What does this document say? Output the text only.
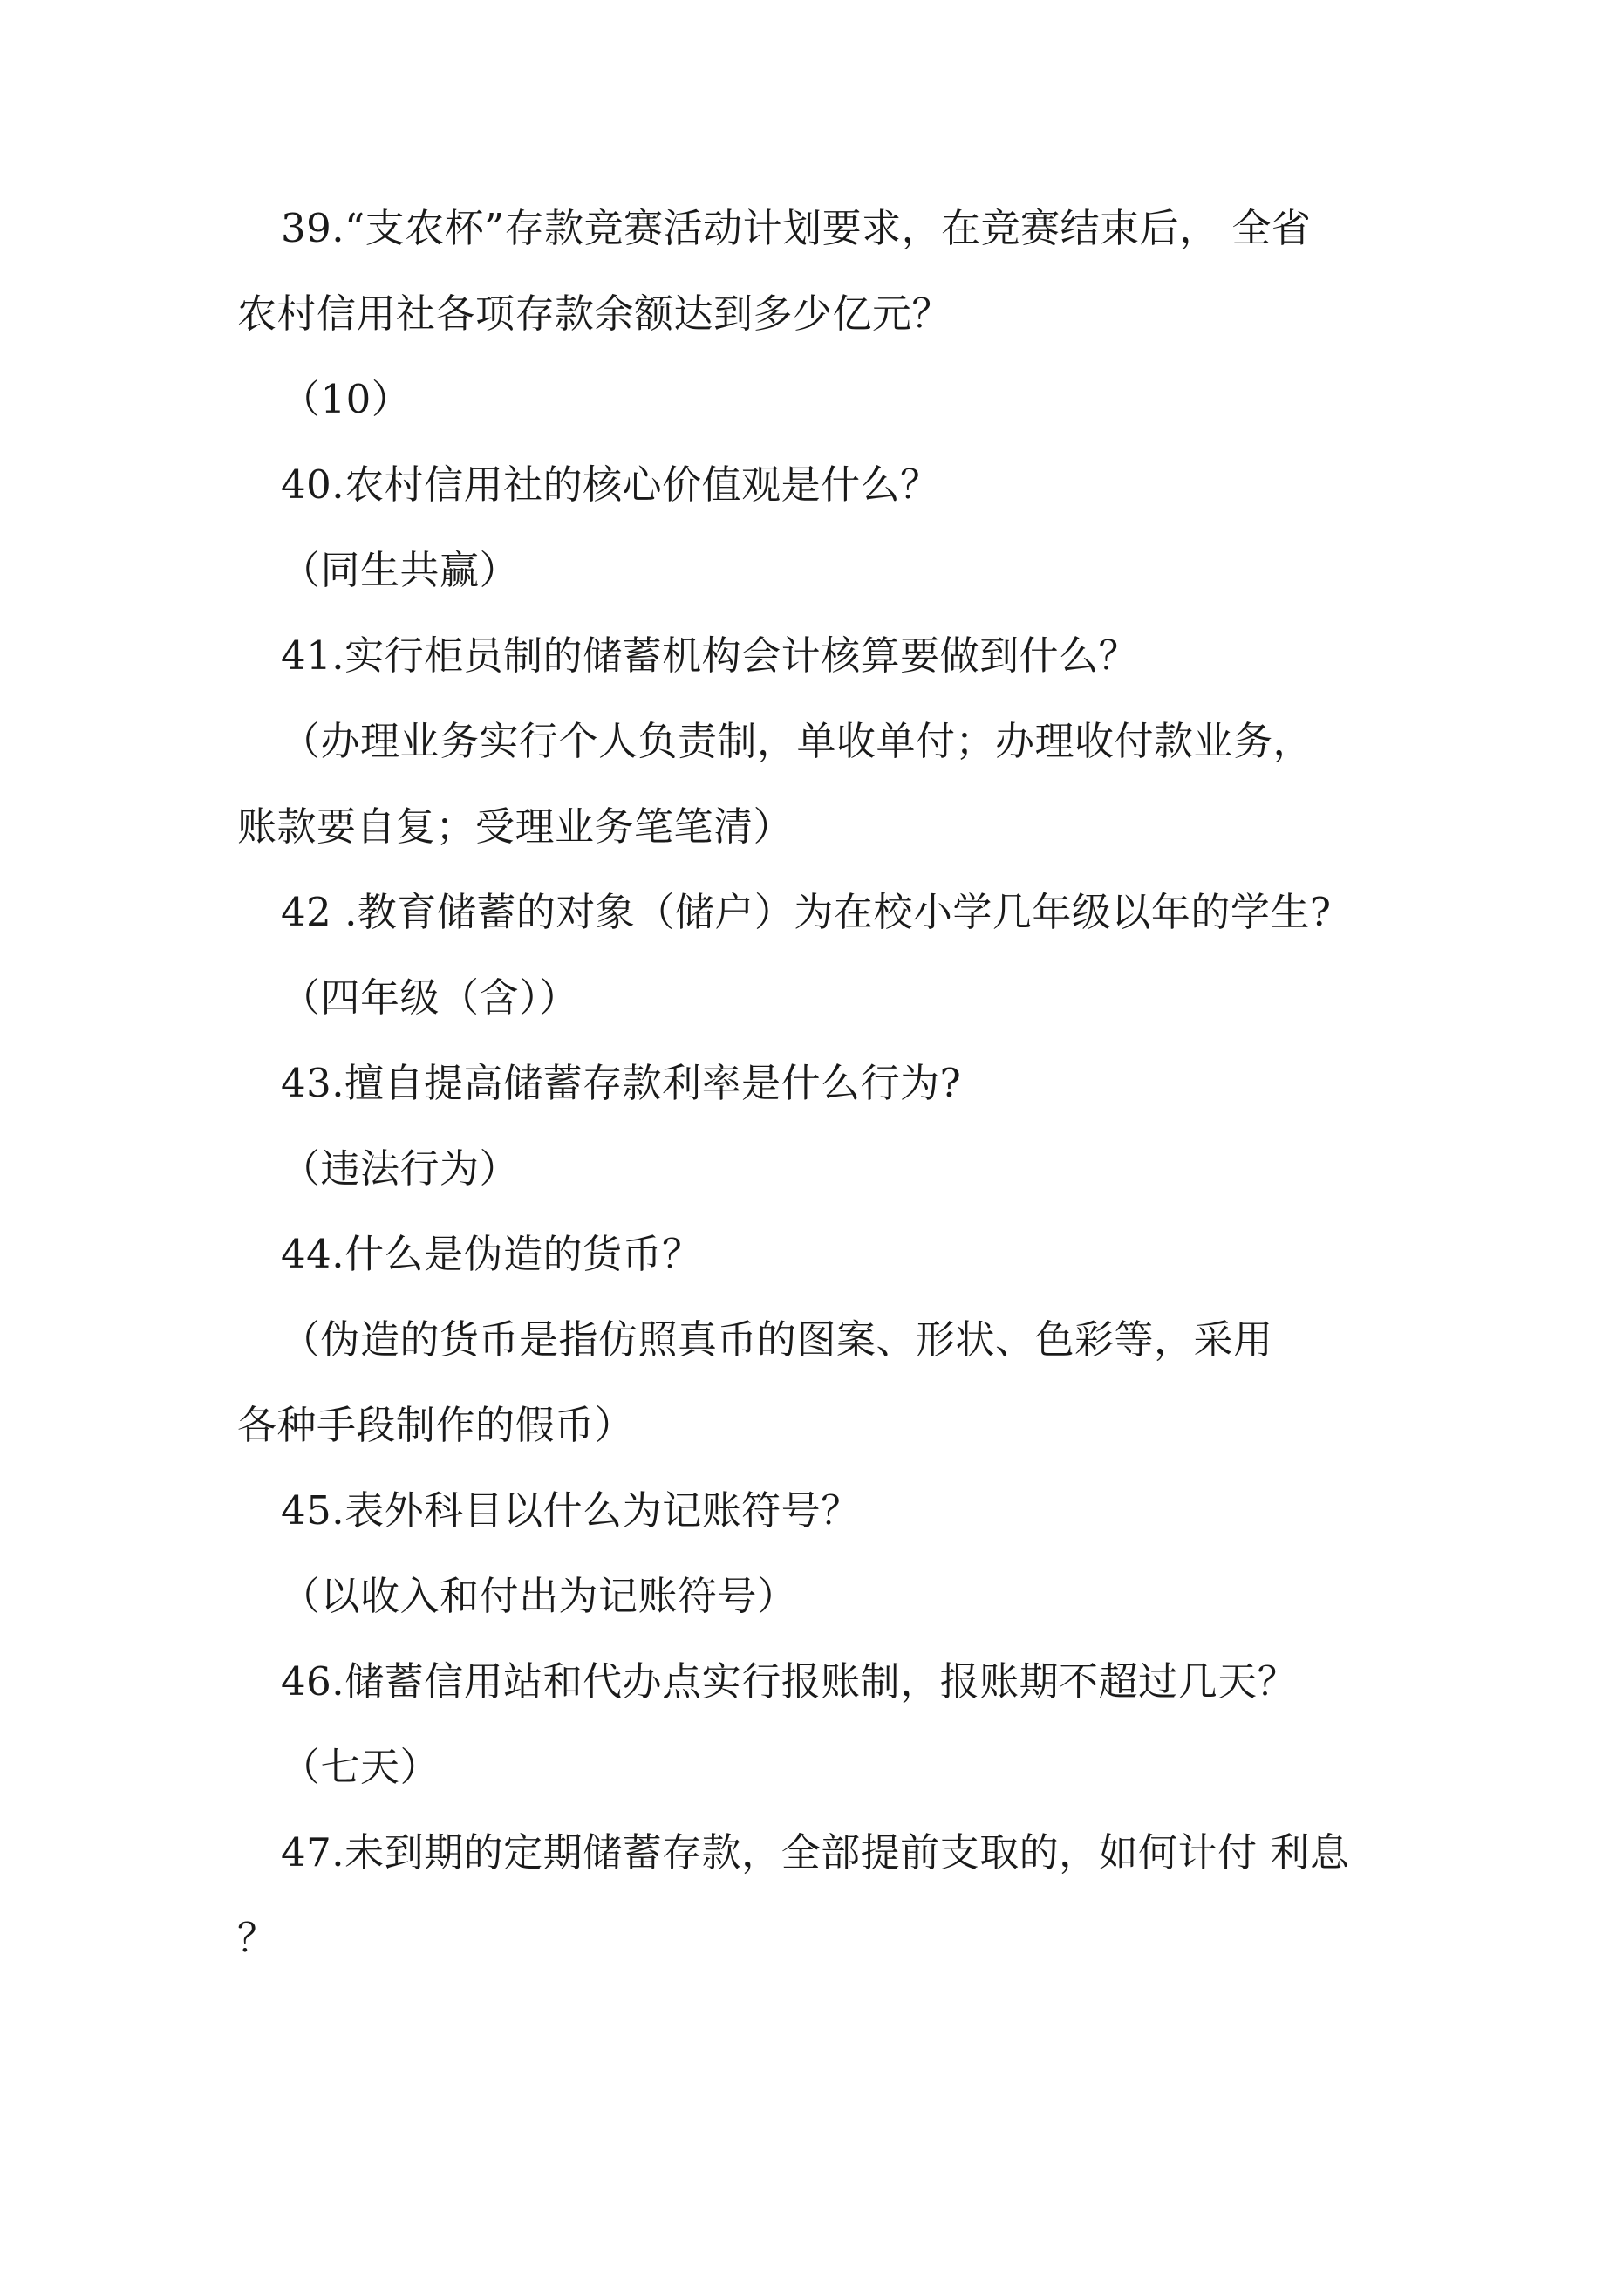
39.“支农杯”存款竞赛活动计划要求，在竞赛结束后， 全省
农村信用社各项存款余额达到多少亿元？
（10）
40.农村信用社的核心价值观是什么？
（同生共赢）
41.实行柜员制的储蓄机构会计核算要做到什么？
（办理业务实行个人负责制，单收单付；办理收付款业务，
账款要自复；受理业务笔笔清）
42 .教育储蓄的对象（储户）为在校小学几年级以年的学生?
（四年级（含））
43.擅自提高储蓄存款利率是什么行为?
（违法行为）
44.什么是伪造的货币？
（伪造的货币是指仿照真币的图案、形状、色彩等，采用
各种手段制作的假币）
45.表外科目以什么为记账符号？
（以收入和付出为记账符号）
46.储蓄信用站和代办点实行报账制，报账期不超过几天？
（七天）
47.未到期的定期储蓄存款，全部提前支取的，如何计付 利息
？
